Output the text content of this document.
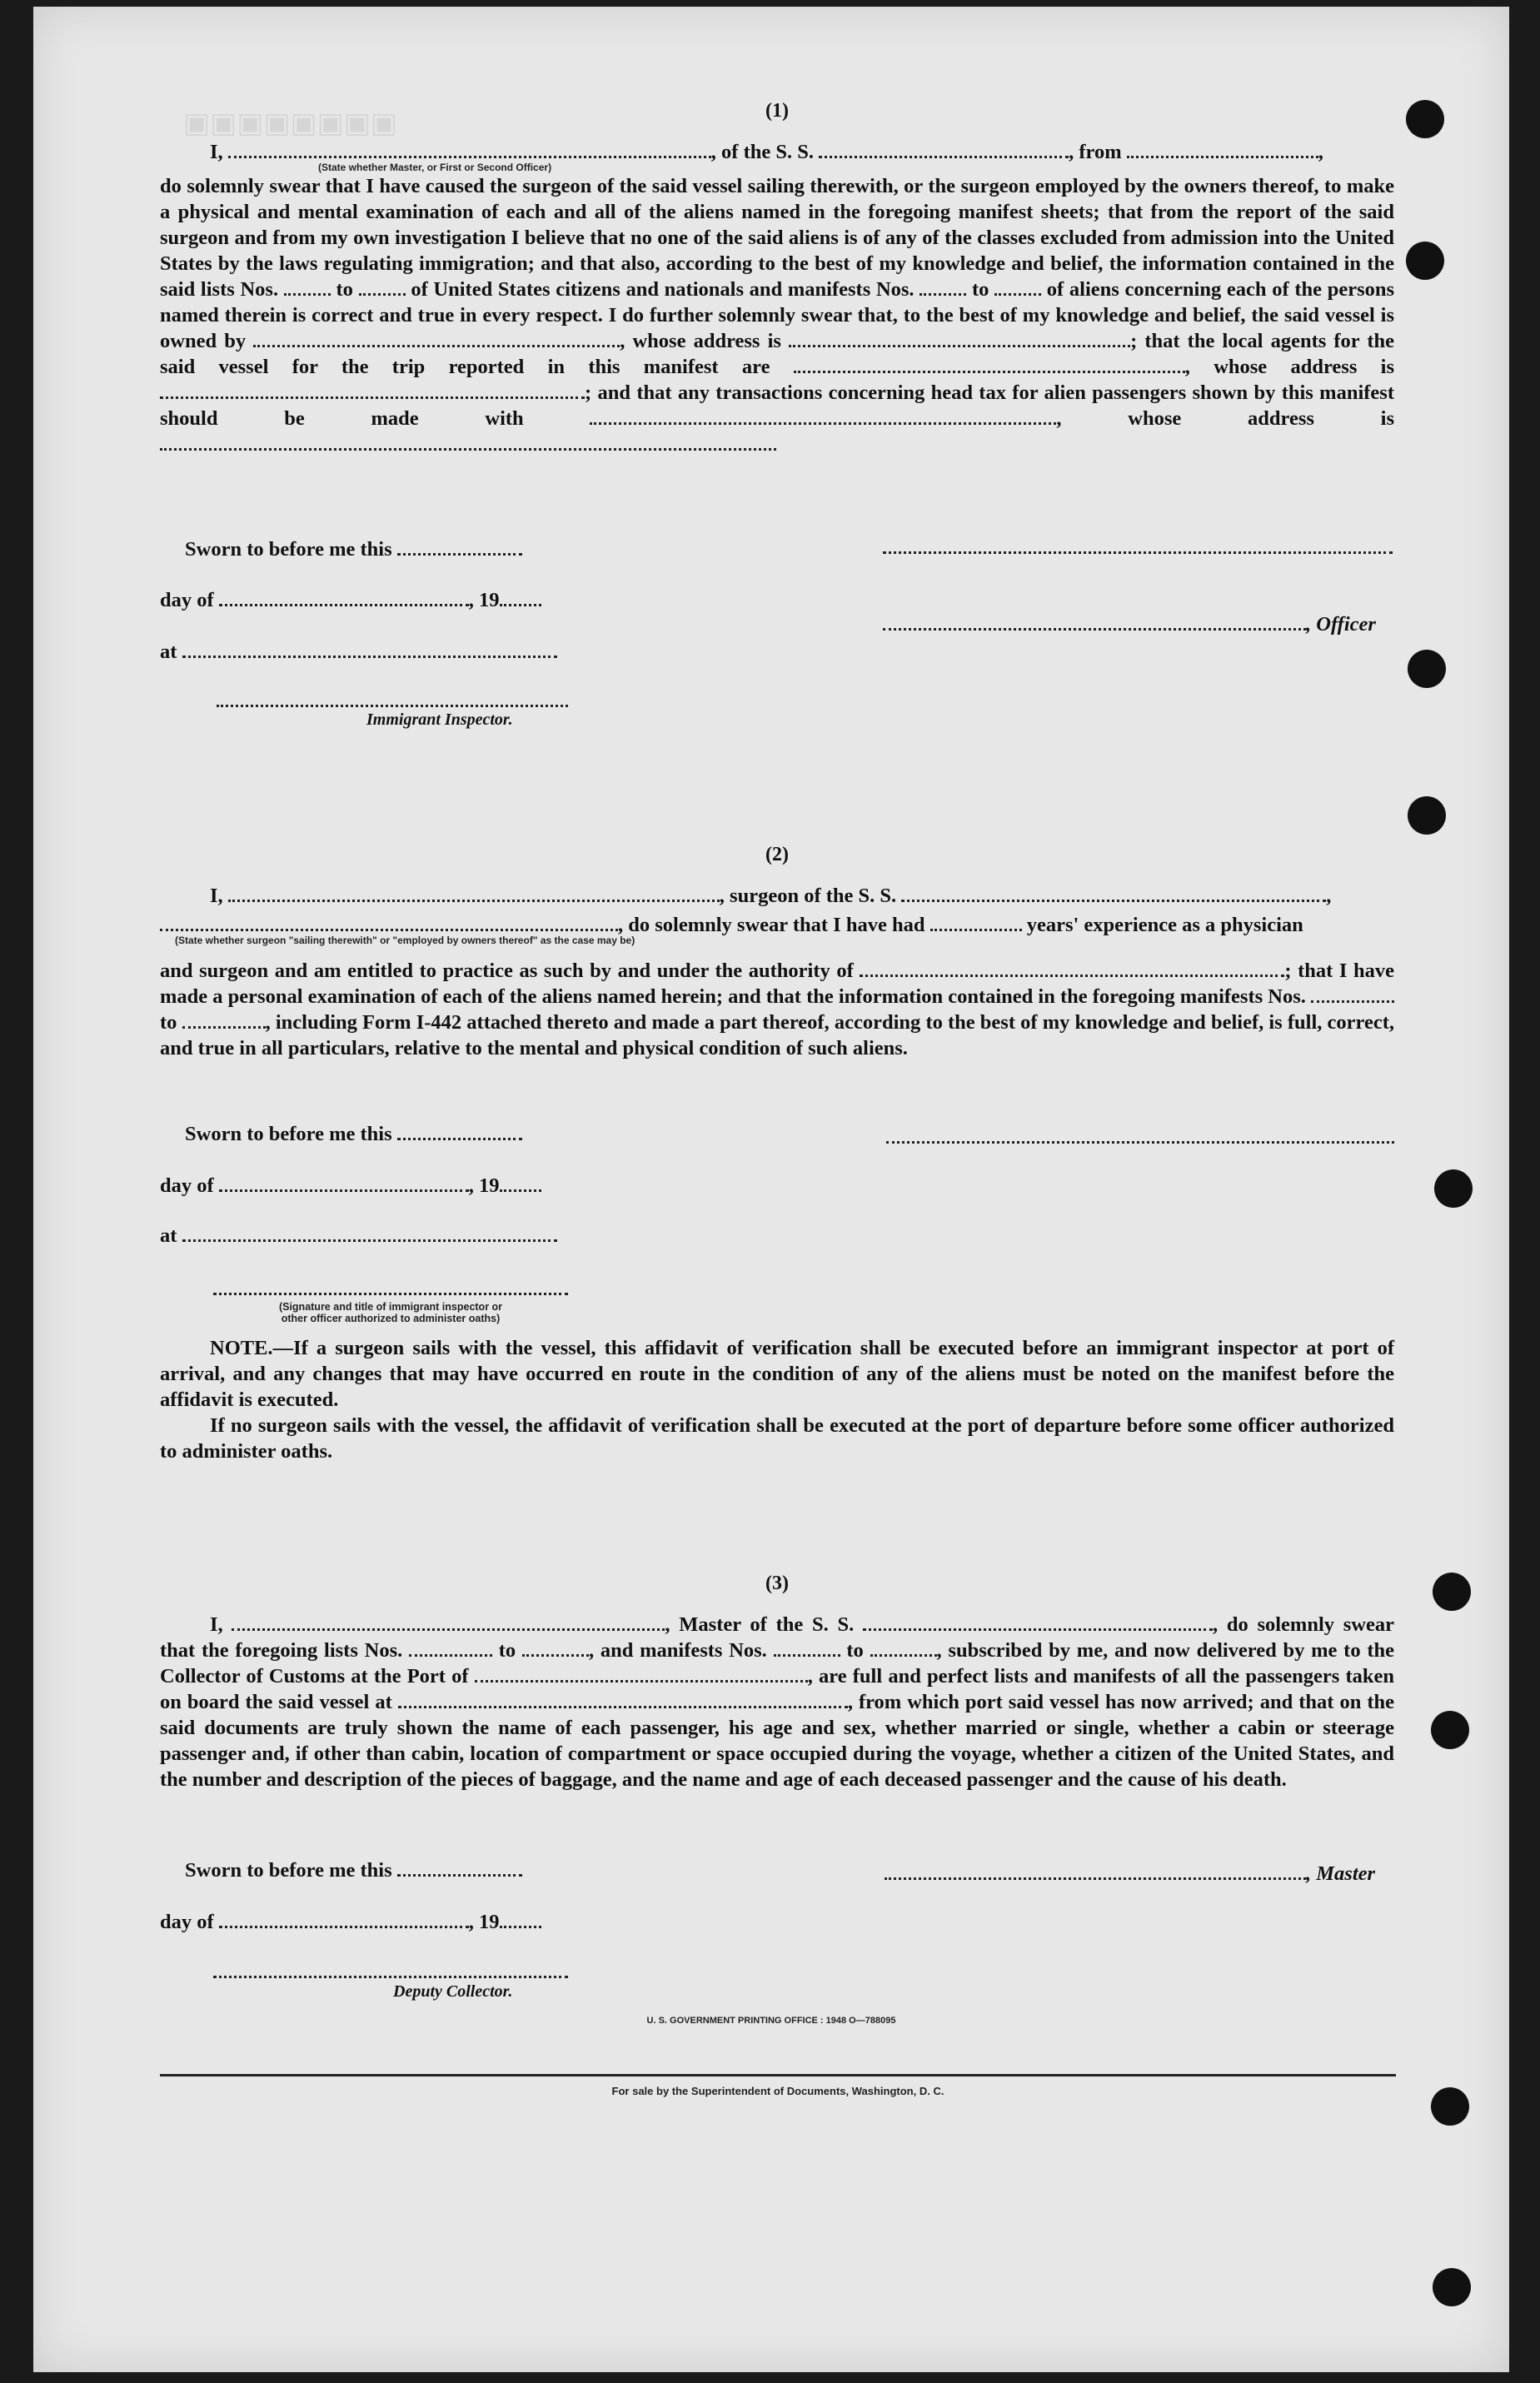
▣▣▣▣▣▣▣▣	(1)
I,	, of the S. S.	, from	,
(State whether Master, or First or Second Officer)

do solemnly swear that I have caused the surgeon of the said vessel sailing therewith, or the surgeon employed by the owners thereof, to make a physical and mental examination of each and all of the aliens named in the foregoing manifest sheets; that from the report of the said surgeon and from my own investigation I believe that no one of the said aliens is of any of the classes excluded from admission into the United States by the laws regulating immigration; and that also, according to the best of my knowledge and belief, the information contained in the said lists Nos.	to	of United States citizens and nationals and manifests Nos.	to	of aliens concerning each of the persons named therein is correct and true in every respect. I do further solemnly swear that, to the best of my knowledge and belief, the said vessel is owned by	, whose address is	; that the local agents for the said vessel for the trip reported in this manifest are	, whose address is ; and that any transactions concerning head tax for alien passengers shown by this manifest should be made with	, whose address is

Sworn to before me this
day of	, 19
at
Immigrant Inspector.
, Officer
(2)
I,	, surgeon of the S. S.	,
, do solemnly swear that I have had	years' experience as a physician
(State whether surgeon "sailing therewith" or "employed by owners thereof" as the case may be)

and surgeon and am entitled to practice as such by and under the authority of	; that I have made a personal examination of each of the aliens named herein; and that the information contained in the foregoing manifests Nos.  to	, including Form I-442 attached thereto and made a part thereof, according to the best of my knowledge and belief, is full, correct, and true in all particulars, relative to the mental and physical condition of such aliens.

Sworn to before me this
day of	, 19
at
(Signature and title of immigrant inspector or
other officer authorized to administer oaths)

NOTE.—If a surgeon sails with the vessel, this affidavit of verification shall be executed before an immigrant inspector at port of arrival, and any changes that may have occurred en route in the condition of any of the aliens must be noted on the manifest before the affidavit is executed.

If no surgeon sails with the vessel, the affidavit of verification shall be executed at the port of departure before some officer authorized to administer oaths.

(3)

I,	, Master of the S. S.	, do solemnly swear that the foregoing lists Nos.	to	, and manifests Nos.	to	, subscribed by me, and now delivered by me to the Collector of Customs at the Port of	, are full and perfect lists and manifests of all the passengers taken on board the said vessel at	, from which port said vessel has now arrived; and that on the said documents are truly shown the name of each passenger, his age and sex, whether married or single, whether a cabin or steerage passenger and, if other than cabin, location of compartment or space occupied during the voyage, whether a citizen of the United States, and the number and description of the pieces of baggage, and the name and age of each deceased passenger and the cause of his death.

Sworn to before me this
day of	, 19
Deputy Collector.
, Master
U. S. GOVERNMENT PRINTING OFFICE : 1948 O—788095
For sale by the Superintendent of Documents, Washington, D. C.
